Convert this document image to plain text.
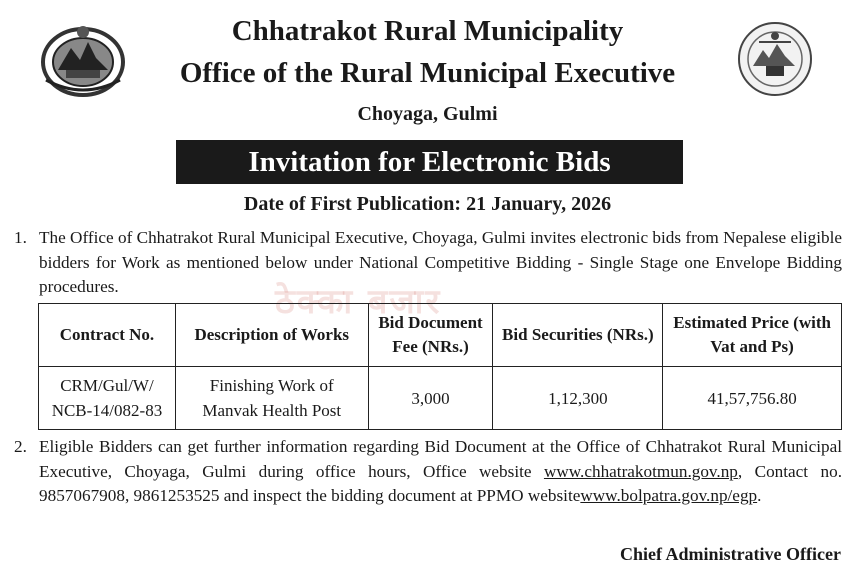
Chhatrakot Rural Municipality
Office of the Rural Municipal Executive
Choyaga, Gulmi
Invitation for Electronic Bids
Date of First Publication: 21 January, 2026
1. The Office of Chhatrakot Rural Municipal Executive, Choyaga, Gulmi invites electronic bids from Nepalese eligible bidders for Work as mentioned below under National Competitive Bidding - Single Stage one Envelope Bidding procedures.	ठेक्का बजार
Contract No.	Description of Works	Bid Document Fee (NRs.)	Bid Securities (NRs.)	Estimated Price (with Vat and Ps)
CRM/Gul/W/ NCB-14/082-83	Finishing Work of Manvak Health Post	3,000	1,12,300	41,57,756.80
2. Eligible Bidders can get further information regarding Bid Document at the Office of Chhatrakot Rural Municipal Executive, Choyaga, Gulmi during office hours, Office website www.chhatrakotmun.gov.np, Contact no. 9857067908, 9861253525 and inspect the bidding document at PPMO websitewww.bolpatra.gov.np/egp.
Chief Administrative Officer
